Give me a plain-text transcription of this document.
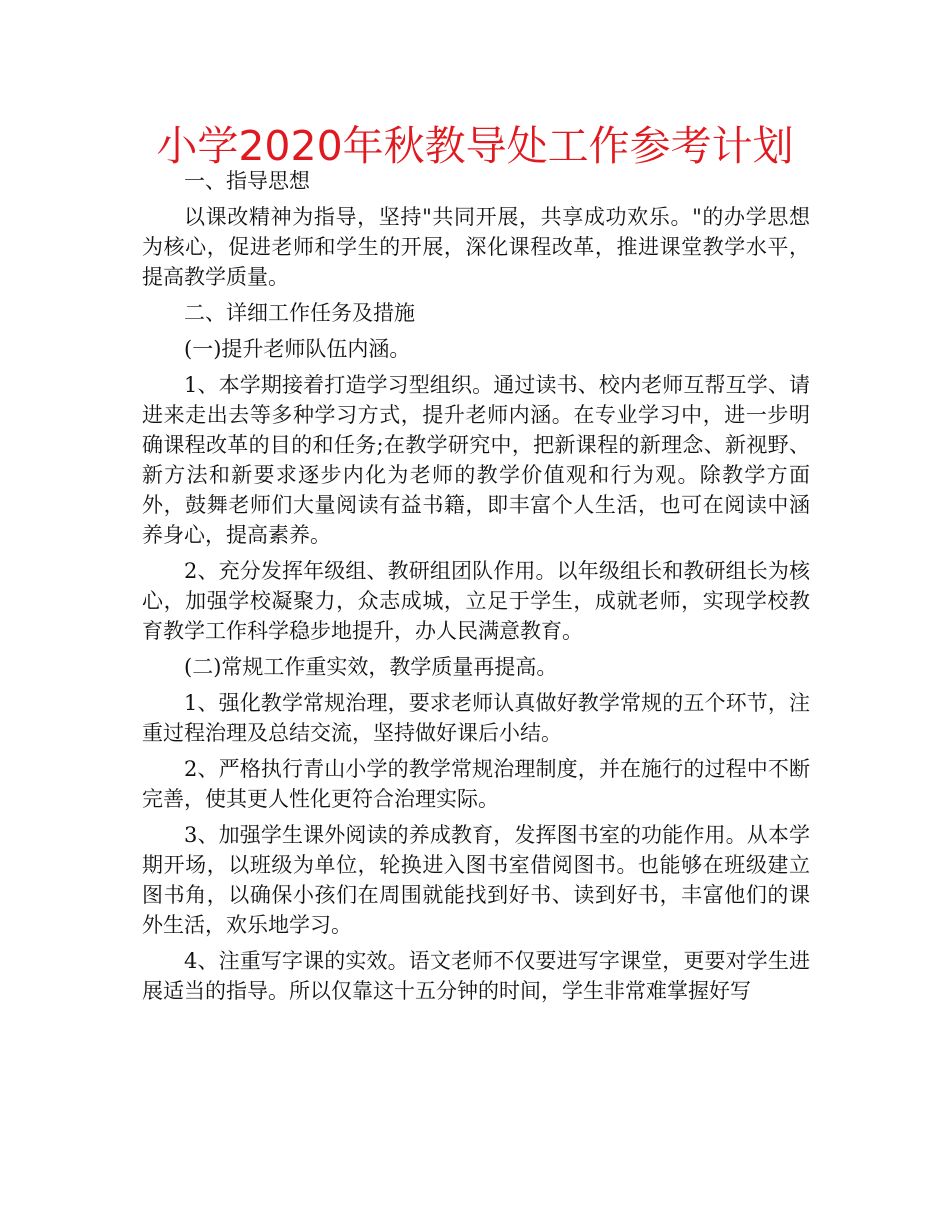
小学2020年秋教导处工作参考计划

一、指导思想

以课改精神为指导，坚持"共同开展，共享成功欢乐。"的办学思想为核心，促进老师和学生的开展，深化课程改革，推进课堂教学水平，提高教学质量。

二、详细工作任务及措施

(一)提升老师队伍内涵。

1、本学期接着打造学习型组织。通过读书、校内老师互帮互学、请进来走出去等多种学习方式，提升老师内涵。在专业学习中，进一步明确课程改革的目的和任务;在教学研究中，把新课程的新理念、新视野、新方法和新要求逐步内化为老师的教学价值观和行为观。除教学方面外，鼓舞老师们大量阅读有益书籍，即丰富个人生活，也可在阅读中涵养身心，提高素养。

2、充分发挥年级组、教研组团队作用。以年级组长和教研组长为核心，加强学校凝聚力，众志成城，立足于学生，成就老师，实现学校教育教学工作科学稳步地提升，办人民满意教育。

(二)常规工作重实效，教学质量再提高。

1、强化教学常规治理，要求老师认真做好教学常规的五个环节，注重过程治理及总结交流，坚持做好课后小结。

2、严格执行青山小学的教学常规治理制度，并在施行的过程中不断完善，使其更人性化更符合治理实际。

3、加强学生课外阅读的养成教育，发挥图书室的功能作用。从本学期开场，以班级为单位，轮换进入图书室借阅图书。也能够在班级建立图书角，以确保小孩们在周围就能找到好书、读到好书，丰富他们的课外生活，欢乐地学习。

4、注重写字课的实效。语文老师不仅要进写字课堂，更要对学生进展适当的指导。所以仅靠这十五分钟的时间，学生非常难掌握好写
